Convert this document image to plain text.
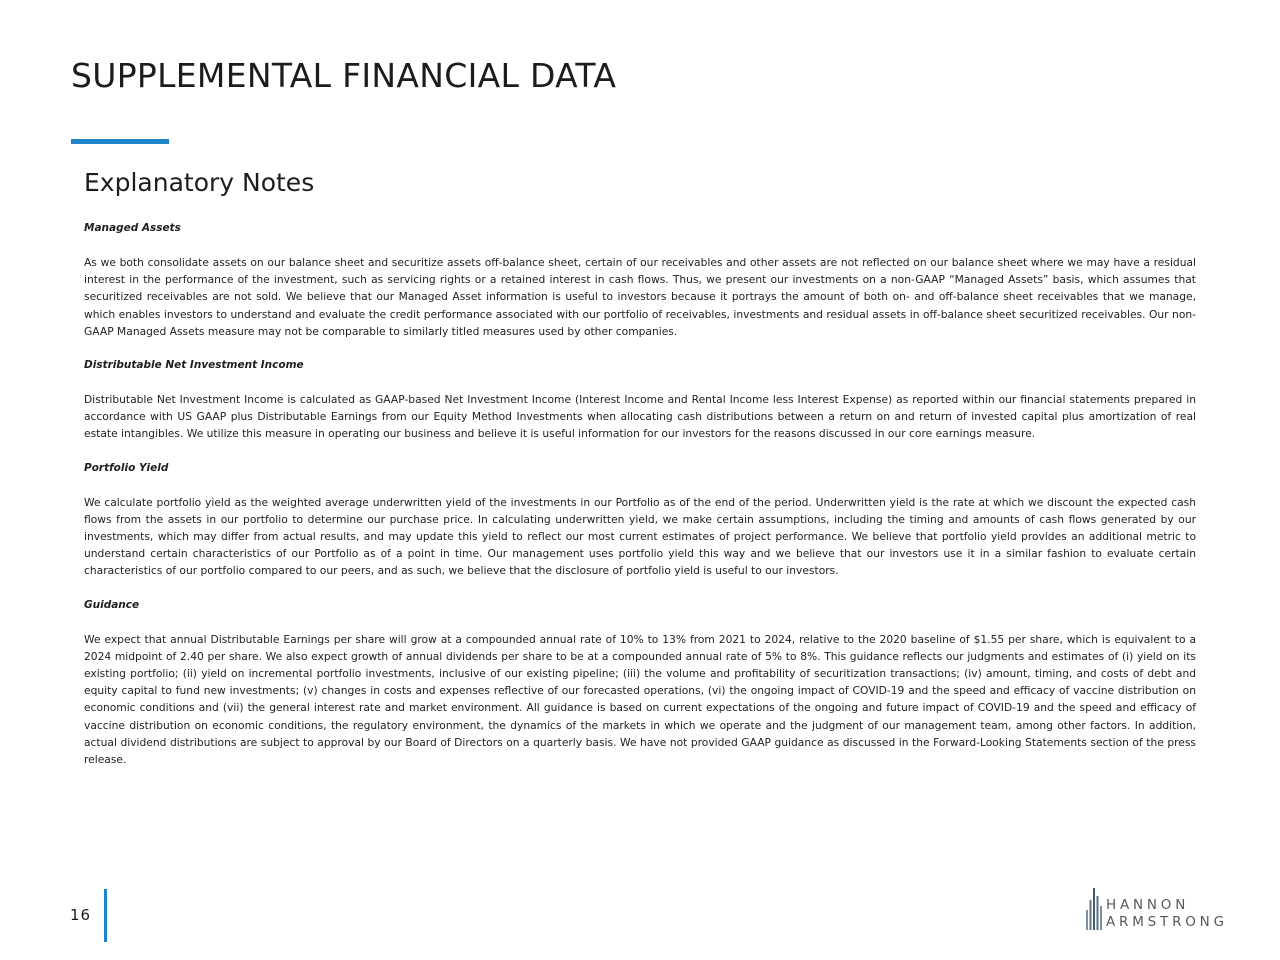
SUPPLEMENTAL FINANCIAL DATA
Explanatory Notes

Managed Assets

As we both consolidate assets on our balance sheet and securitize assets off-balance sheet, certain of our receivables and other assets are not reflected on our balance sheet where we may have a residual interest in the performance of the investment, such as servicing rights or a retained interest in cash flows. Thus, we present our investments on a non-GAAP “Managed Assets” basis, which assumes that securitized receivables are not sold. We believe that our Managed Asset information is useful to investors because it portrays the amount of both on- and off-balance sheet receivables that we manage, which enables investors to understand and evaluate the credit performance associated with our portfolio of receivables, investments and residual assets in off-balance sheet securitized receivables. Our non-GAAP Managed Assets measure may not be comparable to similarly titled measures used by other companies.

Distributable Net Investment Income

Distributable Net Investment Income is calculated as GAAP-based Net Investment Income (Interest Income and Rental Income less Interest Expense) as reported within our financial statements prepared in accordance with US GAAP plus Distributable Earnings from our Equity Method Investments when allocating cash distributions between a return on and return of invested capital plus amortization of real estate intangibles. We utilize this measure in operating our business and believe it is useful information for our investors for the reasons discussed in our core earnings measure.

Portfolio Yield

We calculate portfolio yield as the weighted average underwritten yield of the investments in our Portfolio as of the end of the period. Underwritten yield is the rate at which we discount the expected cash flows from the assets in our portfolio to determine our purchase price. In calculating underwritten yield, we make certain assumptions, including the timing and amounts of cash flows generated by our investments, which may differ from actual results, and may update this yield to reflect our most current estimates of project performance. We believe that portfolio yield provides an additional metric to understand certain characteristics of our Portfolio as of a point in time. Our management uses portfolio yield this way and we believe that our investors use it in a similar fashion to evaluate certain characteristics of our portfolio compared to our peers, and as such, we believe that the disclosure of portfolio yield is useful to our investors.

Guidance

We expect that annual Distributable Earnings per share will grow at a compounded annual rate of 10% to 13% from 2021 to 2024, relative to the 2020 baseline of $1.55 per share, which is equivalent to a 2024 midpoint of 2.40 per share. We also expect growth of annual dividends per share to be at a compounded annual rate of 5% to 8%. This guidance reflects our judgments and estimates of (i) yield on its existing portfolio; (ii) yield on incremental portfolio investments, inclusive of our existing pipeline; (iii) the volume and profitability of securitization transactions; (iv) amount, timing, and costs of debt and equity capital to fund new investments; (v) changes in costs and expenses reflective of our forecasted operations, (vi) the ongoing impact of COVID-19 and the speed and efficacy of vaccine distribution on economic conditions and (vii) the general interest rate and market environment. All guidance is based on current expectations of the ongoing and future impact of COVID-19 and the speed and efficacy of vaccine distribution on economic conditions, the regulatory environment, the dynamics of the markets in which we operate and the judgment of our management team, among other factors. In addition, actual dividend distributions are subject to approval by our Board of Directors on a quarterly basis. We have not provided GAAP guidance as discussed in the Forward-Looking Statements section of the press release.

16
HANNON
ARMSTRONG
